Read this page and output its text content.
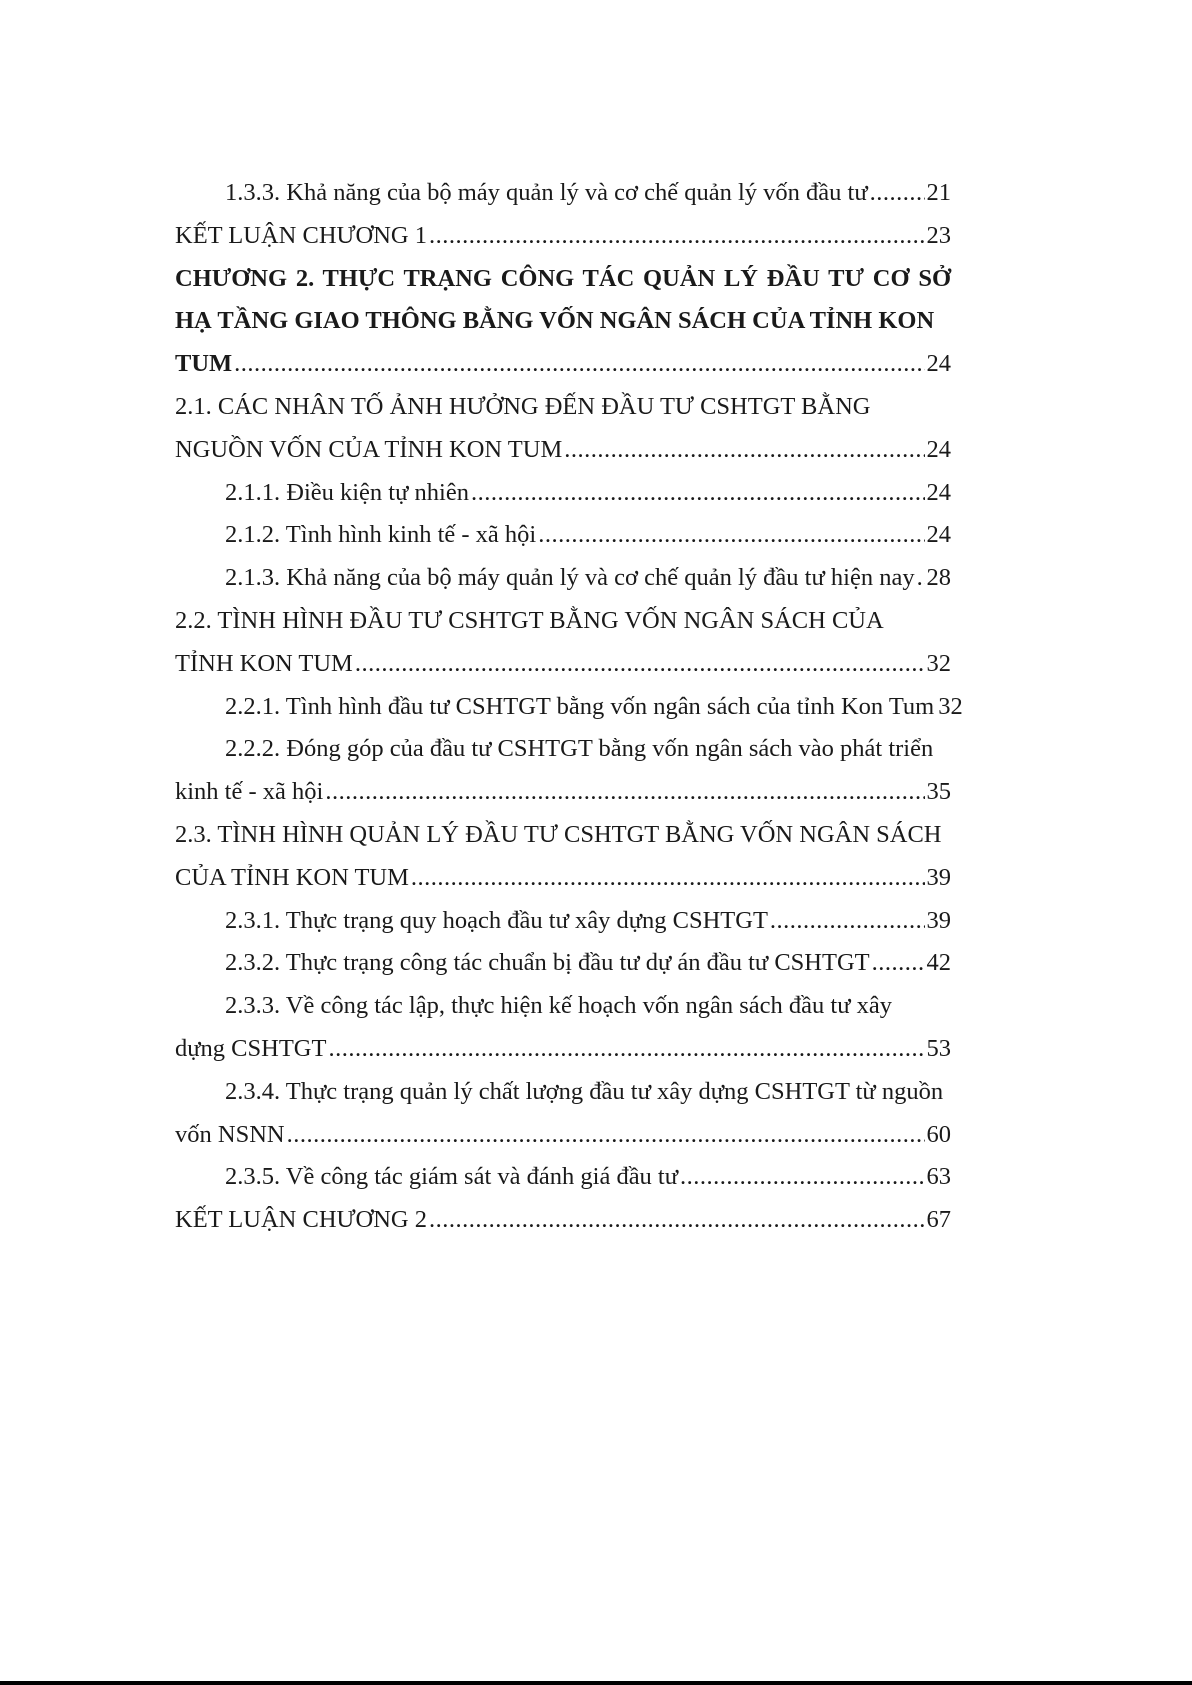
1.3.3. Khả năng của bộ máy quản lý và cơ chế quản lý vốn đầu tư ..... 21
KẾT LUẬN CHƯƠNG 1 .....	23
CHƯƠNG 2. THỰC TRẠNG CÔNG TÁC QUẢN LÝ ĐẦU TƯ CƠ SỞ HẠ TẦNG GIAO THÔNG BẰNG VỐN NGÂN SÁCH CỦA TỈNH KON
TUM .....	24
2.1. CÁC NHÂN TỐ ẢNH HƯỞNG ĐẾN ĐẦU TƯ CSHTGT BẰNG
NGUỒN VỐN CỦA TỈNH KON TUM .....	24
2.1.1. Điều kiện tự nhiên .....	24
2.1.2. Tình hình kinh tế - xã hội .....	24
2.1.3. Khả năng của bộ máy quản lý và cơ chế quản lý đầu tư hiện nay ..... 28
2.2. TÌNH HÌNH ĐẦU TƯ CSHTGT BẰNG VỐN NGÂN SÁCH CỦA
TỈNH KON TUM .....	32
2.2.1. Tình hình đầu tư CSHTGT bằng vốn ngân sách của tỉnh Kon Tum 32
2.2.2. Đóng góp của đầu tư CSHTGT bằng vốn ngân sách vào phát triển
kinh tế - xã hội .....	35
2.3. TÌNH HÌNH QUẢN LÝ ĐẦU TƯ CSHTGT BẰNG VỐN NGÂN SÁCH
CỦA TỈNH KON TUM .....	39
2.3.1. Thực trạng quy hoạch đầu tư xây dựng CSHTGT .....	39
2.3.2. Thực trạng công tác chuẩn bị đầu tư dự án đầu tư CSHTGT ..... 42
2.3.3. Về công tác lập, thực hiện kế hoạch vốn ngân sách đầu tư xây
dựng CSHTGT .....	53
2.3.4. Thực trạng quản lý chất lượng đầu tư xây dựng CSHTGT từ nguồn
vốn NSNN .....	60
2.3.5. Về công tác giám sát và đánh giá đầu tư .....	63
KẾT LUẬN CHƯƠNG 2 .....	67
